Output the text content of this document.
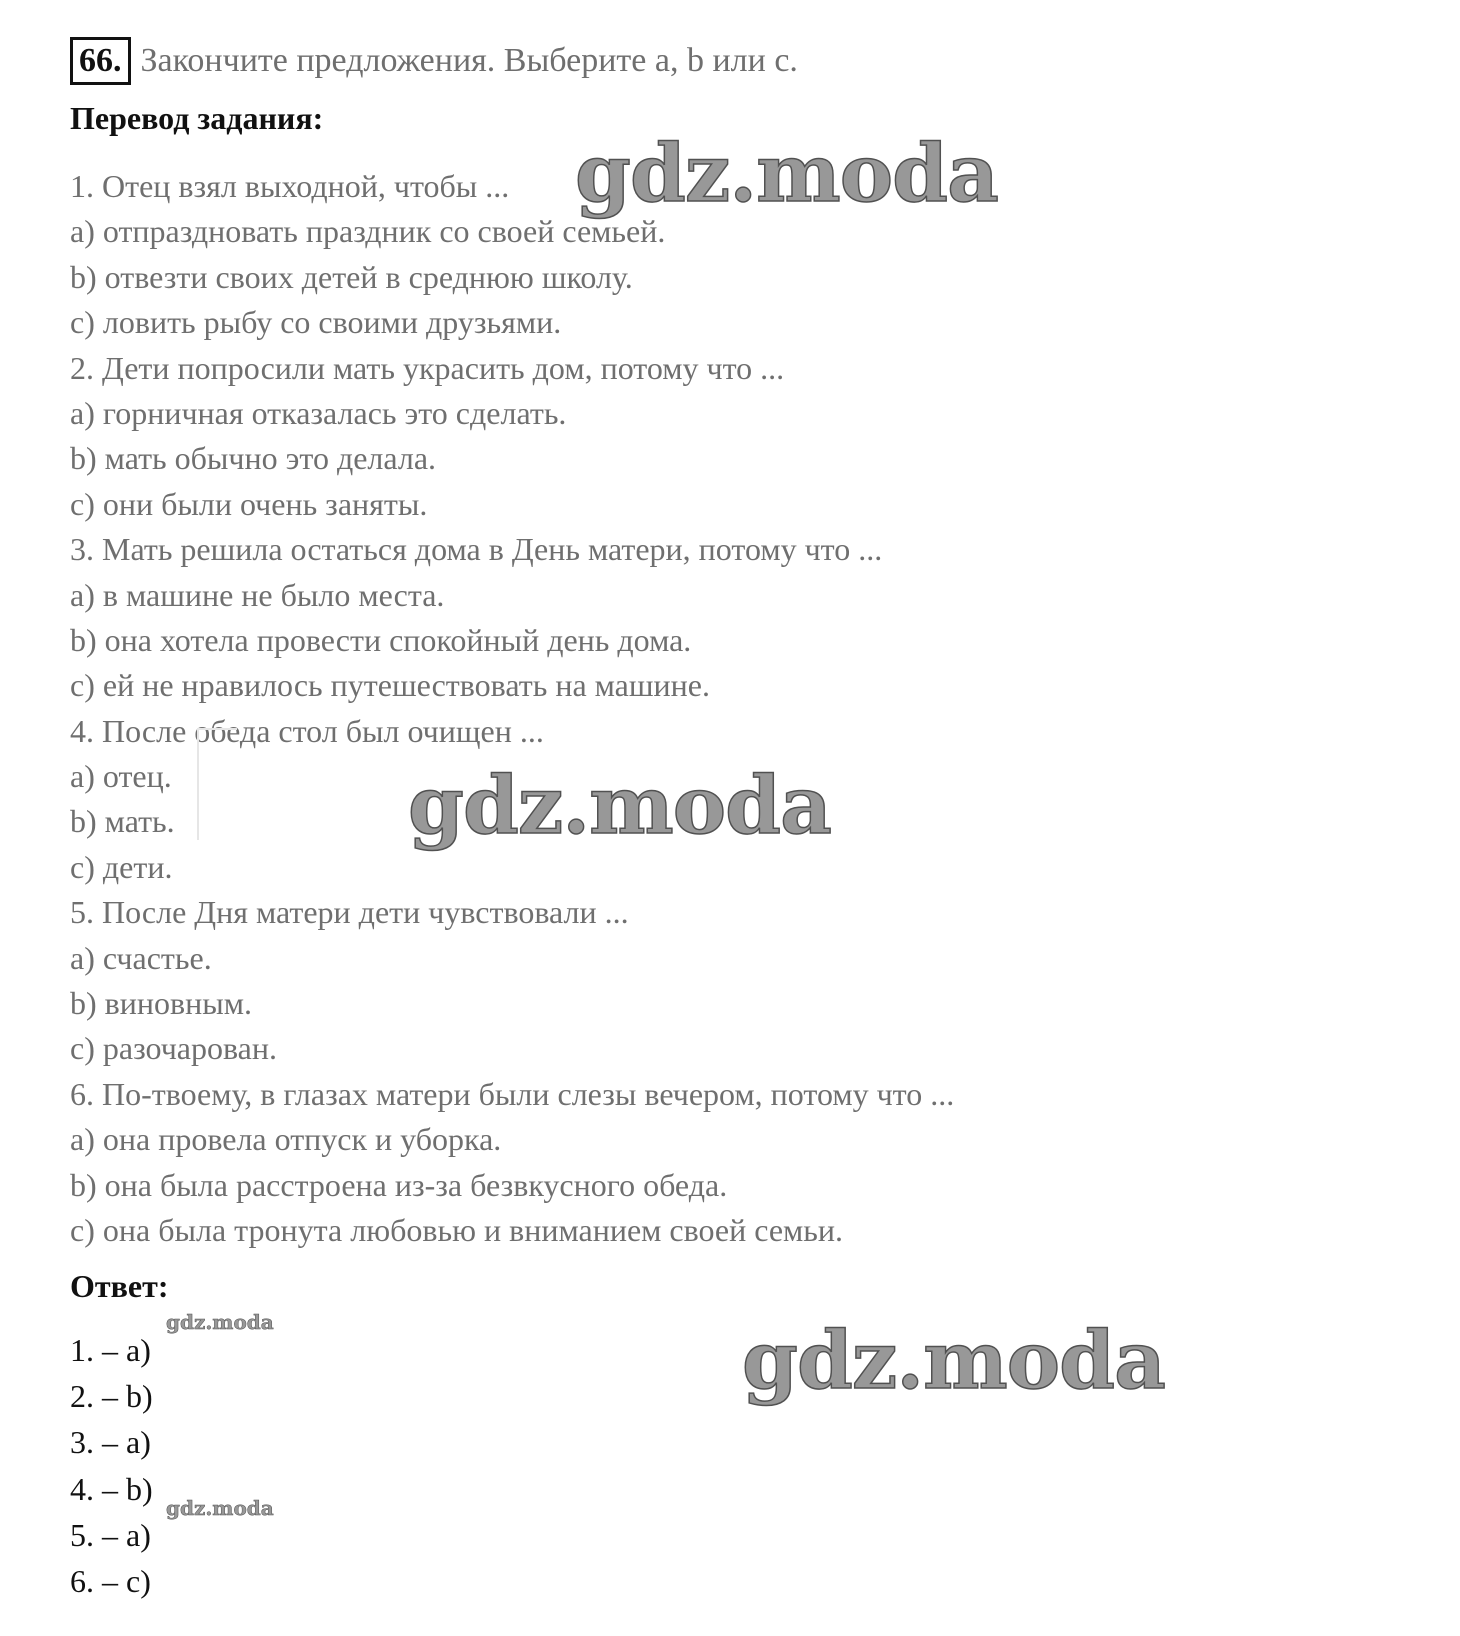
66. Закончите предложения. Выберите a, b или c.
Перевод задания:
1. Отец взял выходной, чтобы ...
a) отпраздновать праздник со своей семьей.
b) отвезти своих детей в среднюю школу.
c) ловить рыбу со своими друзьями.
2. Дети попросили мать украсить дом, потому что ...
a) горничная отказалась это сделать.
b) мать обычно это делала.
c) они были очень заняты.
3. Мать решила остаться дома в День матери, потому что ...
a) в машине не было места.
b) она хотела провести спокойный день дома.
c) ей не нравилось путешествовать на машине.
4. После обеда стол был очищен ...
a) отец.
b) мать.
c) дети.
5. После Дня матери дети чувствовали ...
a) счастье.
b) виновным.
c) разочарован.
6. По-твоему, в глазах матери были слезы вечером, потому что ...
a) она провела отпуск и уборка.
b) она была расстроена из-за безвкусного обеда.
c) она была тронута любовью и вниманием своей семьи.
Ответ:
1. – a)
2. – b)
3. – a)
4. – b)
5. – a)
6. – c)
gdz.moda
gdz.moda
gdz.moda
gdz.moda
gdz.moda
